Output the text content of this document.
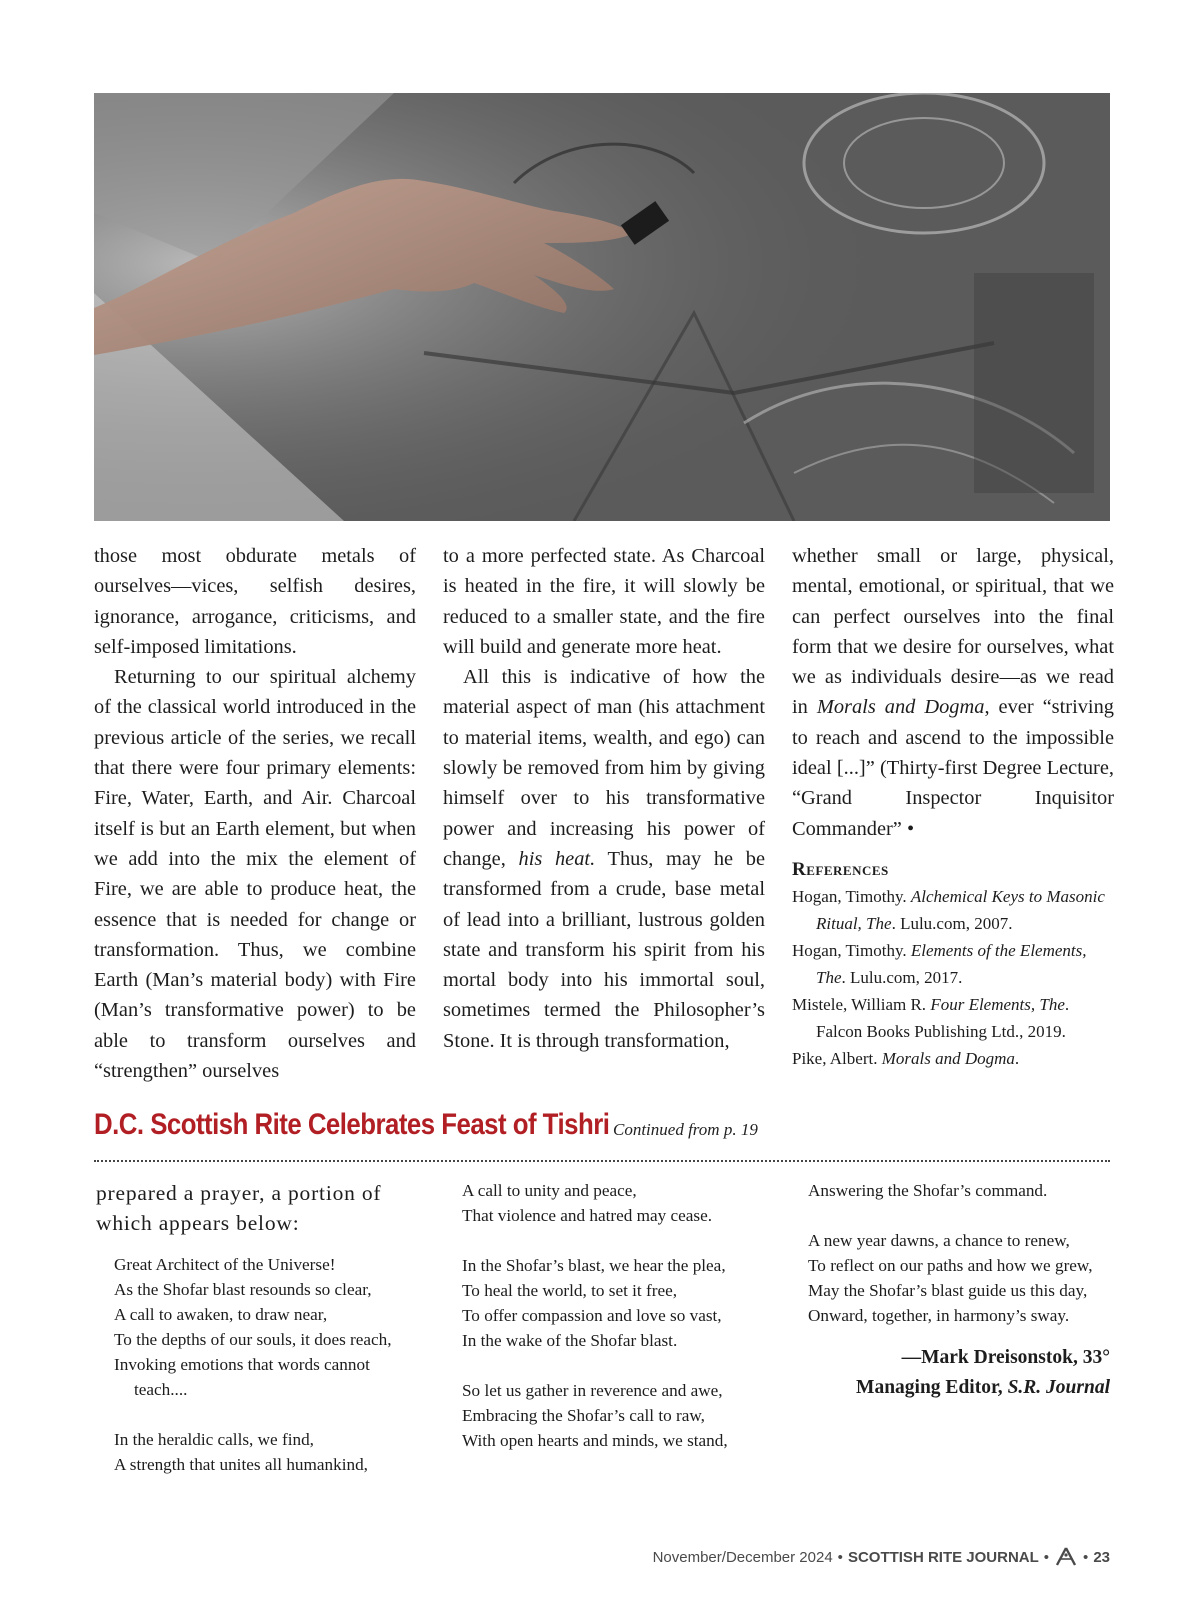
those most obdurate metals of ourselves—vices, selfish desires, ignorance, arrogance, criticisms, and self-imposed limitations.

Returning to our spiritual alchemy of the classical world introduced in the previous article of the series, we recall that there were four primary elements: Fire, Water, Earth, and Air. Charcoal itself is but an Earth element, but when we add into the mix the element of Fire, we are able to produce heat, the essence that is needed for change or transformation. Thus, we combine Earth (Man’s material body) with Fire (Man’s transformative power) to be able to transform ourselves and “strengthen” ourselves

to a more perfected state. As Charcoal is heated in the fire, it will slowly be reduced to a smaller state, and the fire will build and generate more heat.

All this is indicative of how the material aspect of man (his attachment to material items, wealth, and ego) can slowly be removed from him by giving himself over to his transformative power and increasing his power of change, his heat. Thus, may he be transformed from a crude, base metal of lead into a brilliant, lustrous golden state and transform his spirit from his mortal body into his immortal soul, sometimes termed the Philosopher’s Stone. It is through transformation,

whether small or large, physical, mental, emotional, or spiritual, that we can perfect ourselves into the final form that we desire for ourselves, what we as individuals desire—as we read in Morals and Dogma, ever “striving to reach and ascend to the impossible ideal [...]” (Thirty-first Degree Lecture, “Grand Inspector Inquisitor Commander” •

References

Hogan, Timothy. Alchemical Keys to Masonic Ritual, The. Lulu.com, 2007.

Hogan, Timothy. Elements of the Elements, The. Lulu.com, 2017.

Mistele, William R. Four Elements, The. Falcon Books Publishing Ltd., 2019.

Pike, Albert. Morals and Dogma.

D.C. Scottish Rite Celebrates Feast of Tishri Continued from p. 19
prepared a prayer, a portion of which appears below:
Great Architect of the Universe!
As the Shofar blast resounds so clear,
A call to awaken, to draw near,
To the depths of our souls, it does reach,
Invoking emotions that words cannot teach....
In the heraldic calls, we find,
A strength that unites all humankind,
A call to unity and peace,
That violence and hatred may cease.
In the Shofar’s blast, we hear the plea,
To heal the world, to set it free,
To offer compassion and love so vast,
In the wake of the Shofar blast.
So let us gather in reverence and awe,
Embracing the Shofar’s call to raw,
With open hearts and minds, we stand,
Answering the Shofar’s command.
A new year dawns, a chance to renew,
To reflect on our paths and how we grew,
May the Shofar’s blast guide us this day,
Onward, together, in harmony’s sway.
—Mark Dreisonstok, 33°
Managing Editor, S.R. Journal
November/December 2024 • SCOTTISH RITE JOURNAL • • 23
